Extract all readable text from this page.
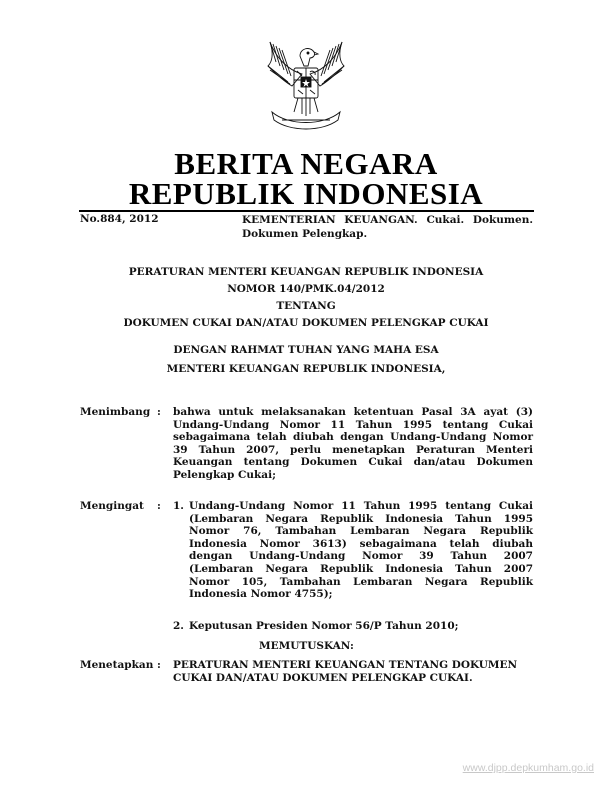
BERITA NEGARA
REPUBLIK INDONESIA
No.884, 2012	KEMENTERIAN KEUANGAN. Cukai. Dokumen.
Dokumen Pelengkap.
PERATURAN MENTERI KEUANGAN REPUBLIK INDONESIA
NOMOR 140/PMK.04/2012
TENTANG
DOKUMEN CUKAI DAN/ATAU DOKUMEN PELENGKAP CUKAI
DENGAN RAHMAT TUHAN YANG MAHA ESA
MENTERI KEUANGAN REPUBLIK INDONESIA,
Menimbang : bahwa untuk melaksanakan ketentuan Pasal 3A ayat (3)
Undang-Undang Nomor 11 Tahun 1995 tentang Cukai
sebagaimana telah diubah dengan Undang-Undang Nomor
39 Tahun 2007, perlu menetapkan Peraturan Menteri
Keuangan tentang Dokumen Cukai dan/atau Dokumen
Pelengkap Cukai;
Mengingat : 1. Undang-Undang Nomor 11 Tahun 1995 tentang Cukai
(Lembaran Negara Republik Indonesia Tahun 1995
Nomor 76, Tambahan Lembaran Negara Republik
Indonesia Nomor 3613) sebagaimana telah diubah
dengan Undang-Undang Nomor 39 Tahun 2007
(Lembaran Negara Republik Indonesia Tahun 2007
Nomor 105, Tambahan Lembaran Negara Republik
Indonesia Nomor 4755);
2. Keputusan Presiden Nomor 56/P Tahun 2010;
MEMUTUSKAN:
Menetapkan : PERATURAN MENTERI KEUANGAN TENTANG DOKUMEN
CUKAI DAN/ATAU DOKUMEN PELENGKAP CUKAI.
www.djpp.depkumham.go.id
